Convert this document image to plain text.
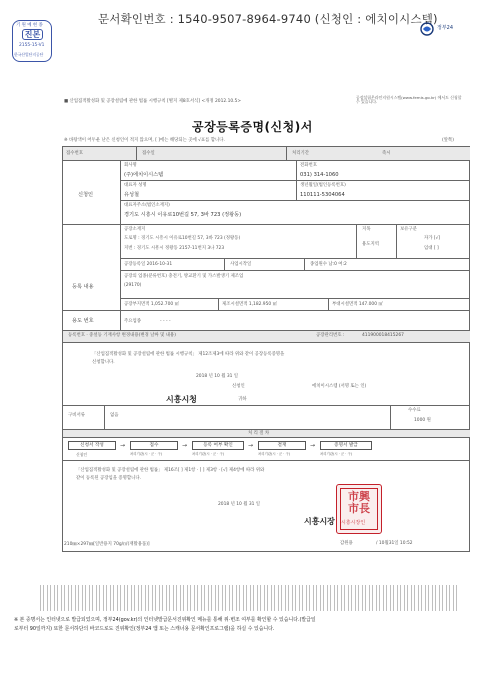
문서확인번호 : 1540-9507-8964-9740 (신청인 : 에치이시스템)
기 원 예 현 종
진본
2155-15-V1
한국산업단지공단
정부24
■ 산업집적활성화 및 공장설립에 관한 법률 시행규칙 [별지 제8호서식] <개정 2012.10.5>
공장설립온라인지원시스템(www.femis.go.kr) 에서도 신청할 수 있습니다.
공장등록증명(신청)서
※ 바탕색이 어두운 난은 신청인이 적지 않으며, [ ]에는 해당되는 곳에 √표를 합니다.	(앞쪽)
접수번호	접수일	처리기간	즉시
신청인
회사명
(주)에치이시스템
전화번호
031) 314-1060
대표자 성명
유성철
생년월일(법인등록번호)
110111-5304064
대표자주소(법인소재지)
경기도 시흥시 이유로10번길 57, 3바 723 (정왕동)
등록 내용
공장소재지
도로명 : 경기도 시흥시 이유로10번길 57, 3바 723 (정왕동)
지번 : 경기도 시흥시 정왕동 2157-11번지 3나 723
지목	보유구분
자가 [√]
임대 [ ]
용도지역
공장등록일 2016-10-31	사업시작일	종업원수 남:0 여:2
공장의 업종(분류번호) 충전기, 방교환기 및 가스발생기 제조업
(29170)
공장부지면적 1,052.700 ㎡	제조시설면적 1,182.950 ㎡	부대시설면적 147.000 ㎡
용도 번호	주요업종	- - - -
등록번호 · 중설등 기재사항 변경내용(변경 날짜 및 내용)	공장관리번호 :	411900018415267
「산업집적활성화 및 공장설립에 관한 법률 시행규칙」 제12조제3에 따라 위와 같이 공장등록증명을
신청합니다.
2018 년 10 월 31 일
신청인	에치이시스템 (서명 또는 인)
시흥시청	귀하
구비서류	없음
수수료
1000 원
처 리 절 차
신청서 작성	→	접수	→	등록 여부 확인	→	결재	→	증명서 발급
신청인	처리기관(시 · 군 · 구)	처리기관(시 · 군 · 구)	처리기관(시 · 군 · 구)	처리기관(시 · 군 · 구)
「산업집적활성화 및 공장설립에 관한 법률」 제16조[ ] 제1항 · [ ] 제3항 · [√] 제4항에 따라 위와
같이 등록된 공장임을 증명합니다.
2018 년 10 월 31 일
시흥시장
市興
市長
시흥시장인
210㎜×297㎜[일반용지 70g/㎡(재활용품)]	감원용	/ 10월31일 10:52
※ 본 증명서는 인터넷으로 발급되었으며, 정부24(gov.kr)의 인터넷발급문서진위확인 메뉴를 통해 위·변조 여부를 확인할 수 있습니다.(발급일
로부터 90일까지) 또한 문서하단의 바코드로도 진위확인(정부24 앱 또는 스캐너용 문서확인프로그램)을 하실 수 있습니다.
